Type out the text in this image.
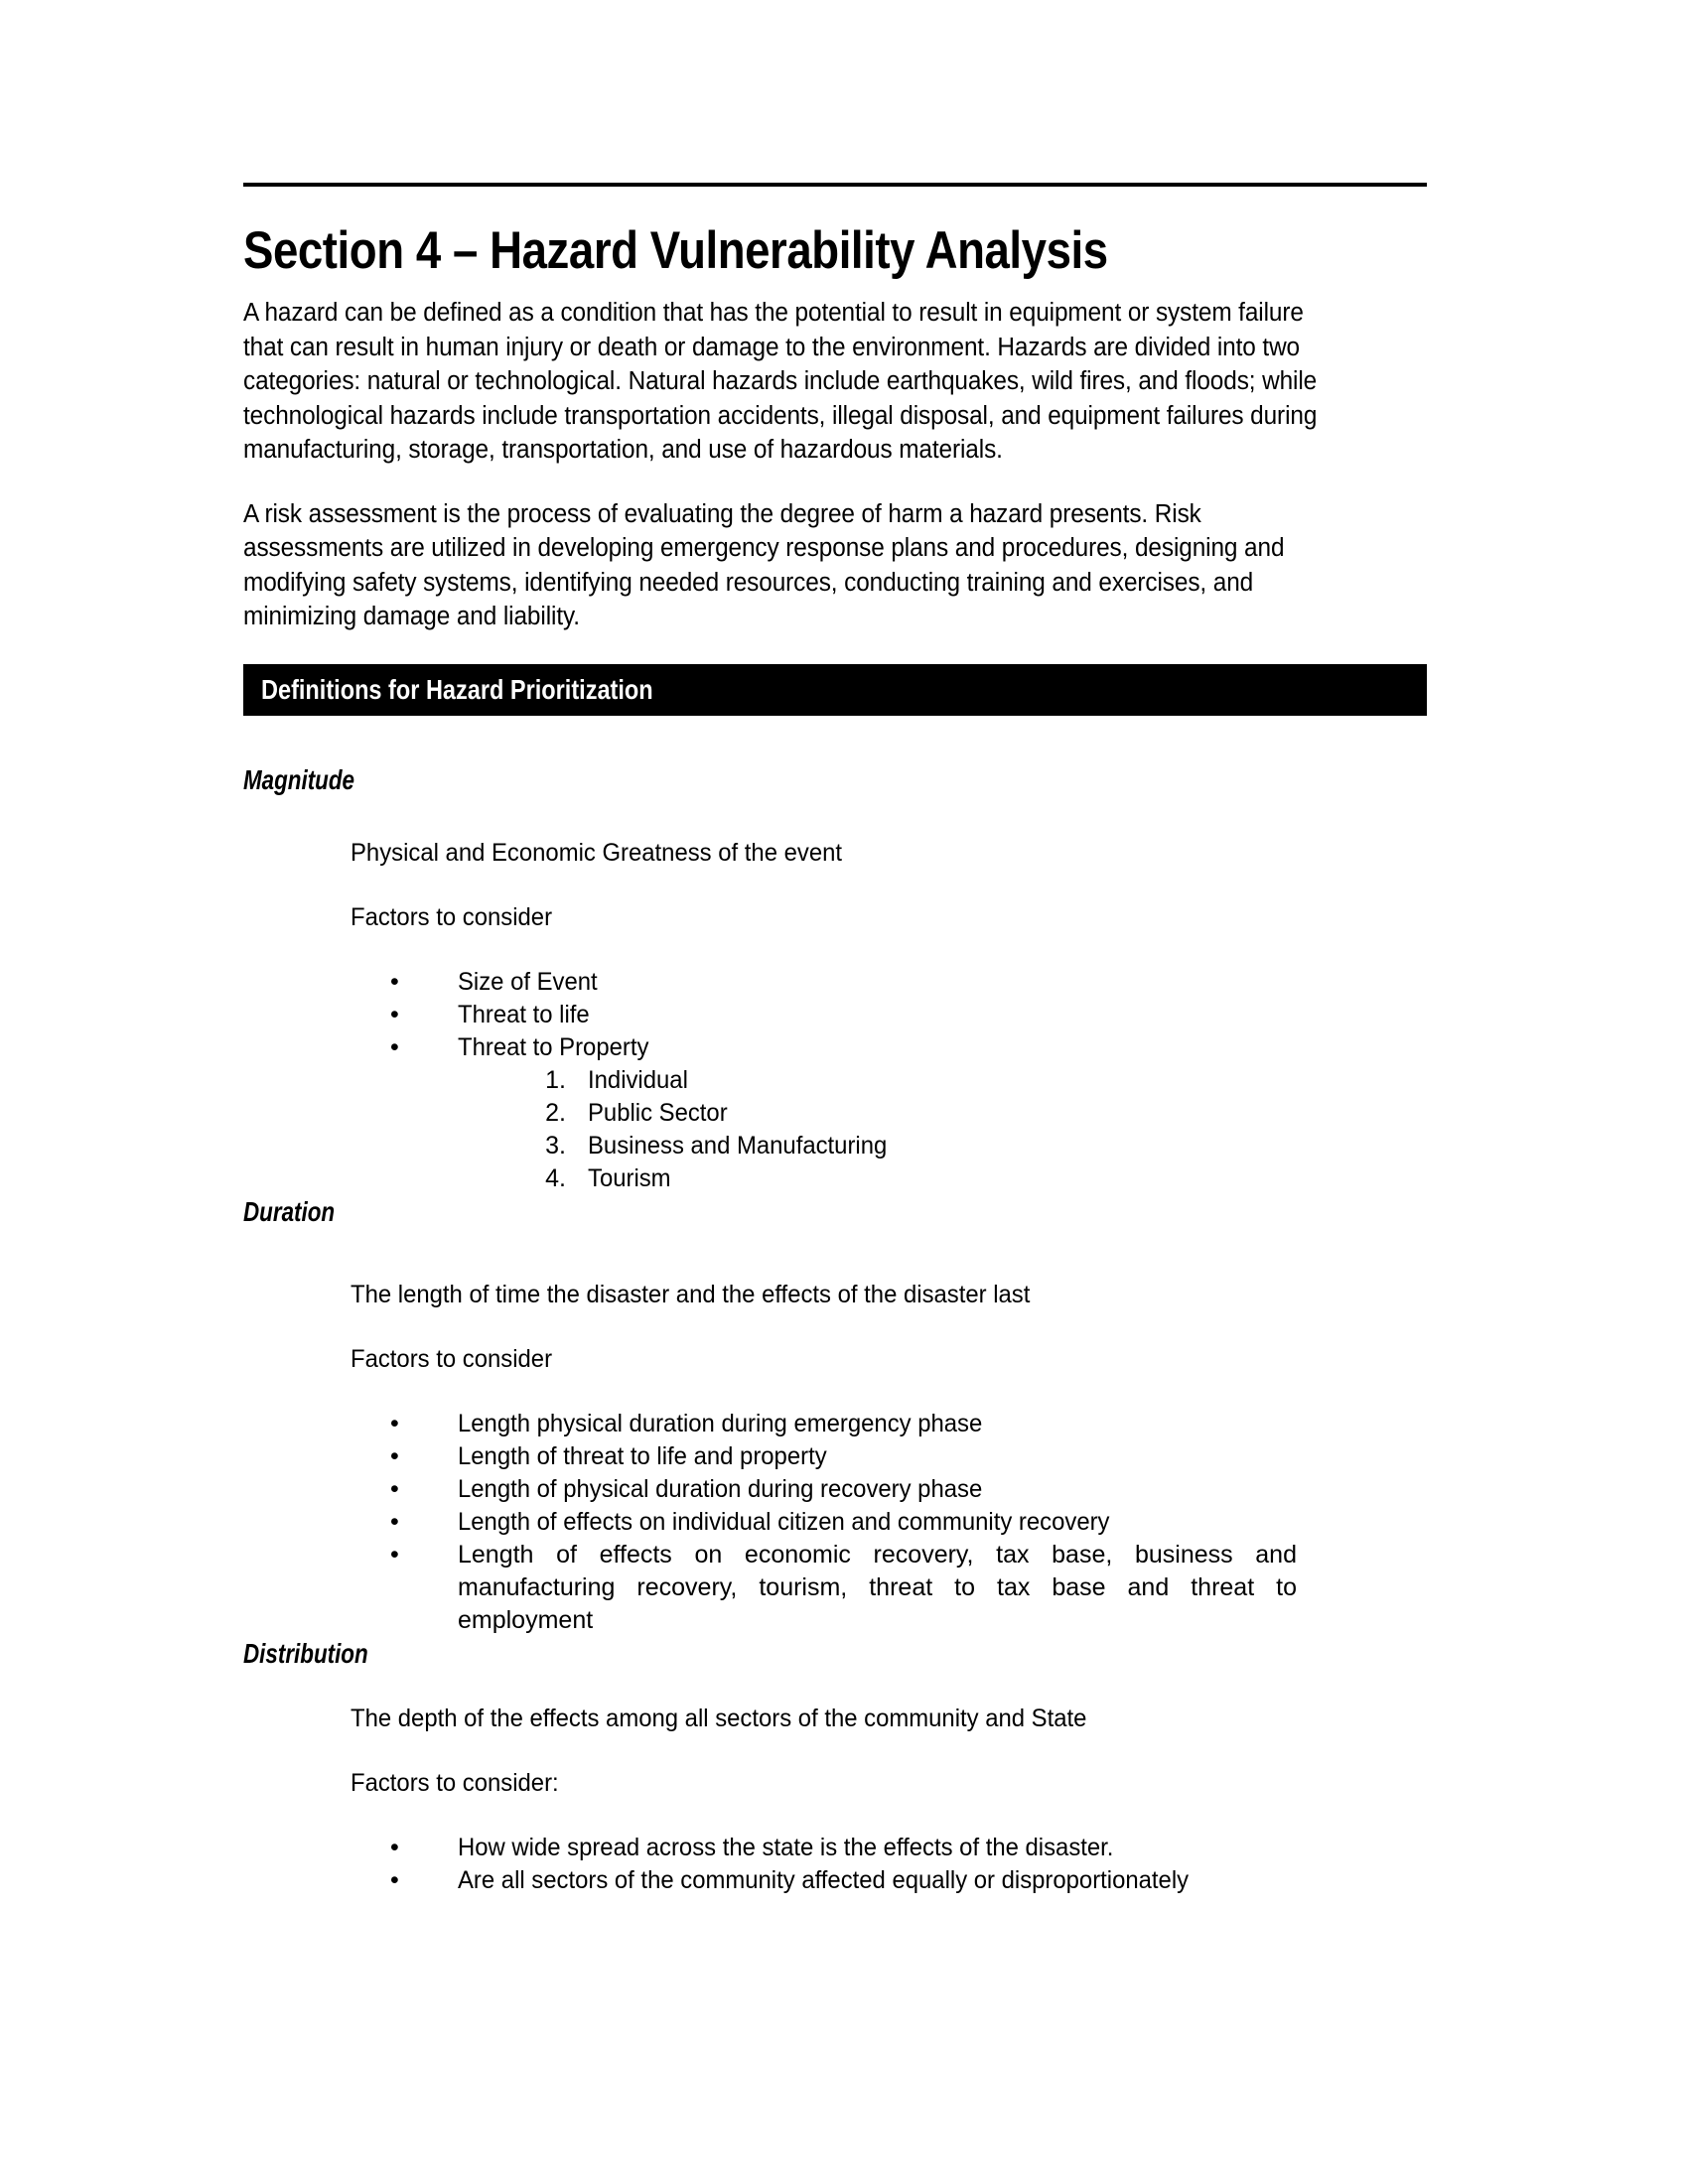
Section 4 – Hazard Vulnerability Analysis

A hazard can be defined as a condition that has the potential to result in equipment or system failure that can result in human injury or death or damage to the environment. Hazards are divided into two categories: natural or technological. Natural hazards include earthquakes, wild fires, and floods; while technological hazards include transportation accidents, illegal disposal, and equipment failures during manufacturing, storage, transportation, and use of hazardous materials.

A risk assessment is the process of evaluating the degree of harm a hazard presents. Risk assessments are utilized in developing emergency response plans and procedures, designing and modifying safety systems, identifying needed resources, conducting training and exercises, and minimizing damage and liability.

Definitions for Hazard Prioritization
Magnitude
Physical and Economic Greatness of the event
Factors to consider
• Size of Event
• Threat to life
• Threat to Property
1. Individual
2. Public Sector
3. Business and Manufacturing
4. Tourism
Duration
The length of time the disaster and the effects of the disaster last
Factors to consider
• Length physical duration during emergency phase
• Length of threat to life and property
• Length of physical duration during recovery phase
• Length of effects on individual citizen and community recovery
• Length of effects on economic recovery, tax base, business and manufacturing recovery, tourism, threat to tax base and threat to employment
Distribution
The depth of the effects among all sectors of the community and State
Factors to consider:
• How wide spread across the state is the effects of the disaster.
• Are all sectors of the community affected equally or disproportionately
